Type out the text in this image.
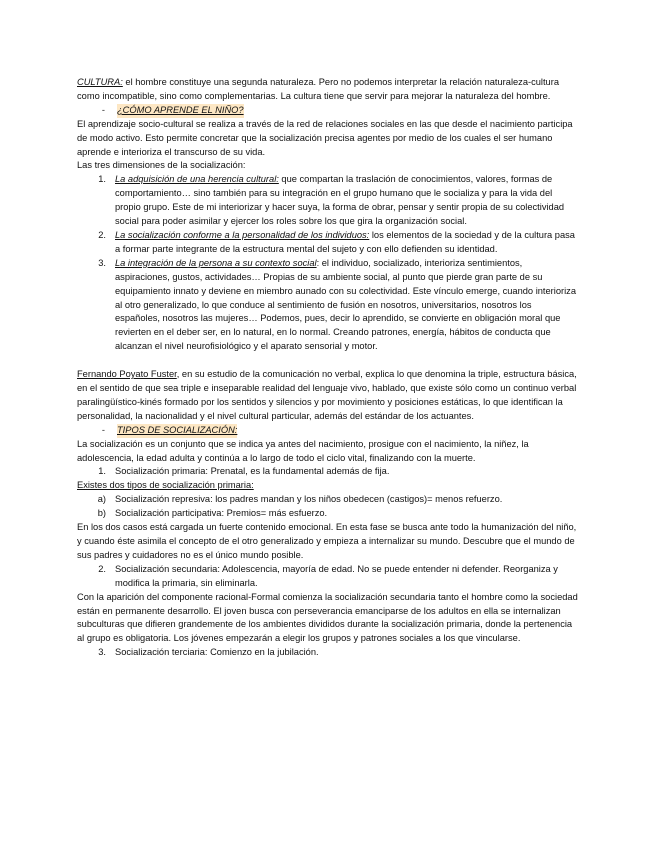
CULTURA: el hombre constituye una segunda naturaleza. Pero no podemos interpretar la relación naturaleza-cultura como incompatible, sino como complementarias. La cultura tiene que servir para mejorar la naturaleza del hombre.

-	¿CÓMO APRENDE EL NIÑO?

El aprendizaje socio-cultural se realiza a través de la red de relaciones sociales en las que desde el nacimiento participa de modo activo. Esto permite concretar que la socialización precisa agentes por medio de los cuales el ser humano aprende e interioriza el transcurso de su vida.

Las tres dimensiones de la socialización:

1. La adquisición de una herencia cultural: que compartan la traslación de conocimientos, valores, formas de comportamiento… sino también para su integración en el grupo humano que le socializa y para la vida del propio grupo. Este de mi interiorizar y hacer suya, la forma de obrar, pensar y sentir propia de su colectividad social para poder asimilar y ejercer los roles sobre los que gira la organización social.
2. La socialización conforme a la personalidad de los individuos: los elementos de la sociedad y de la cultura pasa a formar parte integrante de la estructura mental del sujeto y con ello defienden su identidad.
3. La integración de la persona a su contexto social: el individuo, socializado, interioriza sentimientos, aspiraciones, gustos, actividades… Propias de su ambiente social, al punto que pierde gran parte de su equipamiento innato y deviene en miembro aunado con su colectividad. Este vínculo emerge, cuando interioriza al otro generalizado, lo que conduce al sentimiento de fusión en nosotros, universitarios, nosotros los españoles, nosotros las mujeres… Podemos, pues, decir lo aprendido, se convierte en obligación moral que revierten en el deber ser, en lo natural, en lo normal. Creando patrones, energía, hábitos de conducta que alcanzan el nivel neurofisiológico y el aparato sensorial y motor.

Fernando Poyato Fuster, en su estudio de la comunicación no verbal, explica lo que denomina la triple, estructura básica, en el sentido de que sea triple e inseparable realidad del lenguaje vivo, hablado, que existe sólo como un continuo verbal paralingüístico-kinés formado por los sentidos y silencios y por movimiento y posiciones estáticas, lo que identifican la personalidad, la nacionalidad y el nivel cultural particular, además del estándar de los actuantes.

-	TIPOS DE SOCIALIZACIÓN:

La socialización es un conjunto que se indica ya antes del nacimiento, prosigue con el nacimiento, la niñez, la adolescencia, la edad adulta y continúa a lo largo de todo el ciclo vital, finalizando con la muerte.

1. Socialización primaria: Prenatal, es la fundamental además de fija.

Existes dos tipos de socialización primaria:

a) Socialización represiva: los padres mandan y los niños obedecen (castigos)= menos refuerzo.
b) Socialización participativa: Premios= más esfuerzo.

En los dos casos está cargada un fuerte contenido emocional. En esta fase se busca ante todo la humanización del niño, y cuando éste asimila el concepto de el otro generalizado y empieza a internalizar su mundo. Descubre que el mundo de sus padres y cuidadores no es el único mundo posible.

2. Socialización secundaria: Adolescencia, mayoría de edad. No se puede entender ni defender. Reorganiza y modifica la primaria, sin eliminarla.

Con la aparición del componente racional-Formal comienza la socialización secundaria tanto el hombre como la sociedad están en permanente desarrollo. El joven busca con perseverancia emanciparse de los adultos en ella se internalizan subculturas que difieren grandemente de los ambientes divididos durante la socialización primaria, donde la pertenencia al grupo es obligatoria. Los jóvenes empezarán a elegir los grupos y patrones sociales a los que vincularse.

3. Socialización terciaria: Comienzo en la jubilación.
